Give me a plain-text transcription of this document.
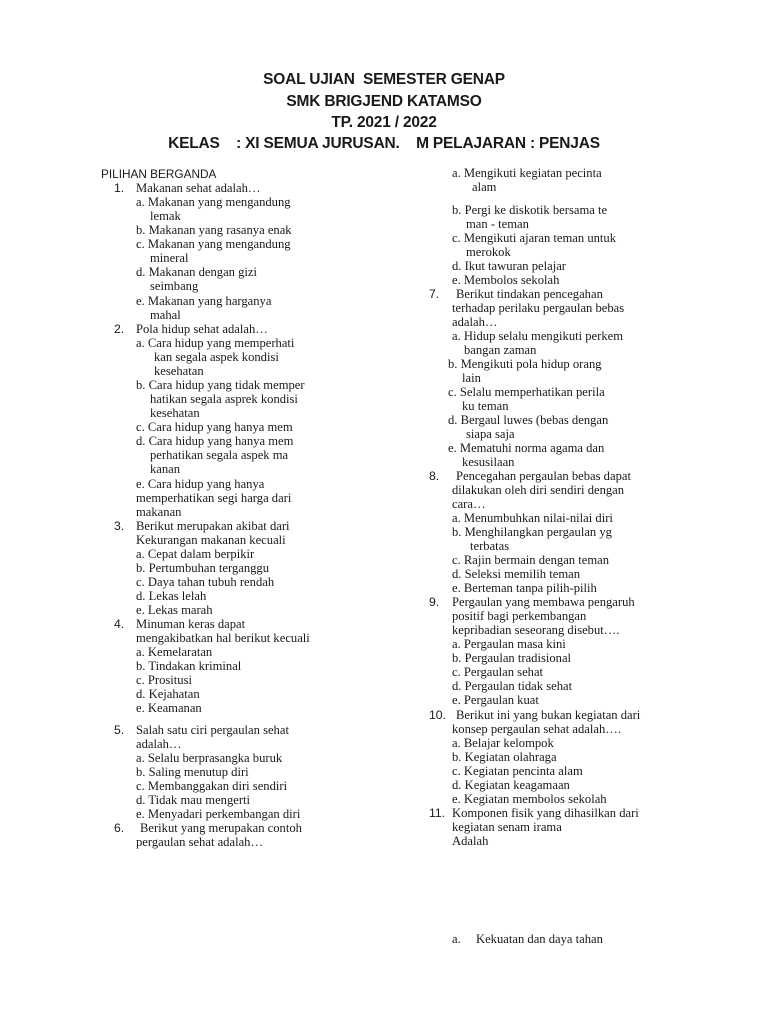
SOAL UJIAN  SEMESTER GENAP
SMK BRIGJEND KATAMSO
TP. 2021 / 2022
KELAS    : XI SEMUA JURUSAN.    M PELAJARAN : PENJAS
PILIHAN BERGANDA
1. Makanan sehat adalah…
a. Makanan yang mengandung
lemak
b. Makanan yang rasanya enak
c. Makanan yang mengandung
mineral
d. Makanan dengan gizi
seimbang
e. Makanan yang harganya
mahal
2. Pola hidup sehat adalah…
a. Cara hidup yang memperhati
kan segala aspek kondisi
kesehatan
b. Cara hidup yang tidak memper
hatikan segala asprek kondisi
kesehatan
c. Cara hidup yang hanya mem
d. Cara hidup yang hanya mem
perhatikan segala aspek ma
kanan
e. Cara hidup yang hanya
memperhatikan segi harga dari
makanan
3. Berikut merupakan akibat dari
Kekurangan makanan kecuali
a. Cepat dalam berpikir
b. Pertumbuhan terganggu
c. Daya tahan tubuh rendah
d. Lekas lelah
e. Lekas marah
4. Minuman keras dapat
mengakibatkan hal berikut kecuali
a. Kemelaratan
b. Tindakan kriminal
c. Prositusi
d. Kejahatan
e. Keamanan
5. Salah satu ciri pergaulan sehat
adalah…
a. Selalu berprasangka buruk
b. Saling menutup diri
c. Membanggakan diri sendiri
d. Tidak mau mengerti
e. Menyadari perkembangan diri
6. Berikut yang merupakan contoh
pergaulan sehat adalah…
a. Mengikuti kegiatan pecinta
alam
b. Pergi ke diskotik bersama te
man - teman
c. Mengikuti ajaran teman untuk
merokok
d. Ikut tawuran pelajar
e. Membolos sekolah
7. Berikut tindakan pencegahan
terhadap perilaku pergaulan bebas
adalah…
a. Hidup selalu mengikuti perkem
bangan zaman
b. Mengikuti pola hidup orang
lain
c. Selalu memperhatikan perila
ku teman
d. Bergaul luwes (bebas dengan
siapa saja
e. Mematuhi norma agama dan
kesusilaan
8. Pencegahan pergaulan bebas dapat
dilakukan oleh diri sendiri dengan
cara…
a. Menumbuhkan nilai-nilai diri
b. Menghilangkan pergaulan yg
terbatas
c. Rajin bermain dengan teman
d. Seleksi memilih teman
e. Berteman tanpa pilih-pilih
9. Pergaulan yang membawa pengaruh
positif bagi perkembangan
kepribadian seseorang disebut….
a. Pergaulan masa kini
b. Pergaulan tradisional
c. Pergaulan sehat
d. Pergaulan tidak sehat
e. Pergaulan kuat
10. Berikut ini yang bukan kegiatan dari
konsep pergaulan sehat adalah….
a. Belajar kelompok
b. Kegiatan olahraga
c. Kegiatan pencinta alam
d. Kegiatan keagamaan
e. Kegiatan membolos sekolah
11. Komponen fisik yang dihasilkan dari
kegiatan senam irama
Adalah
a. Kekuatan dan daya tahan
